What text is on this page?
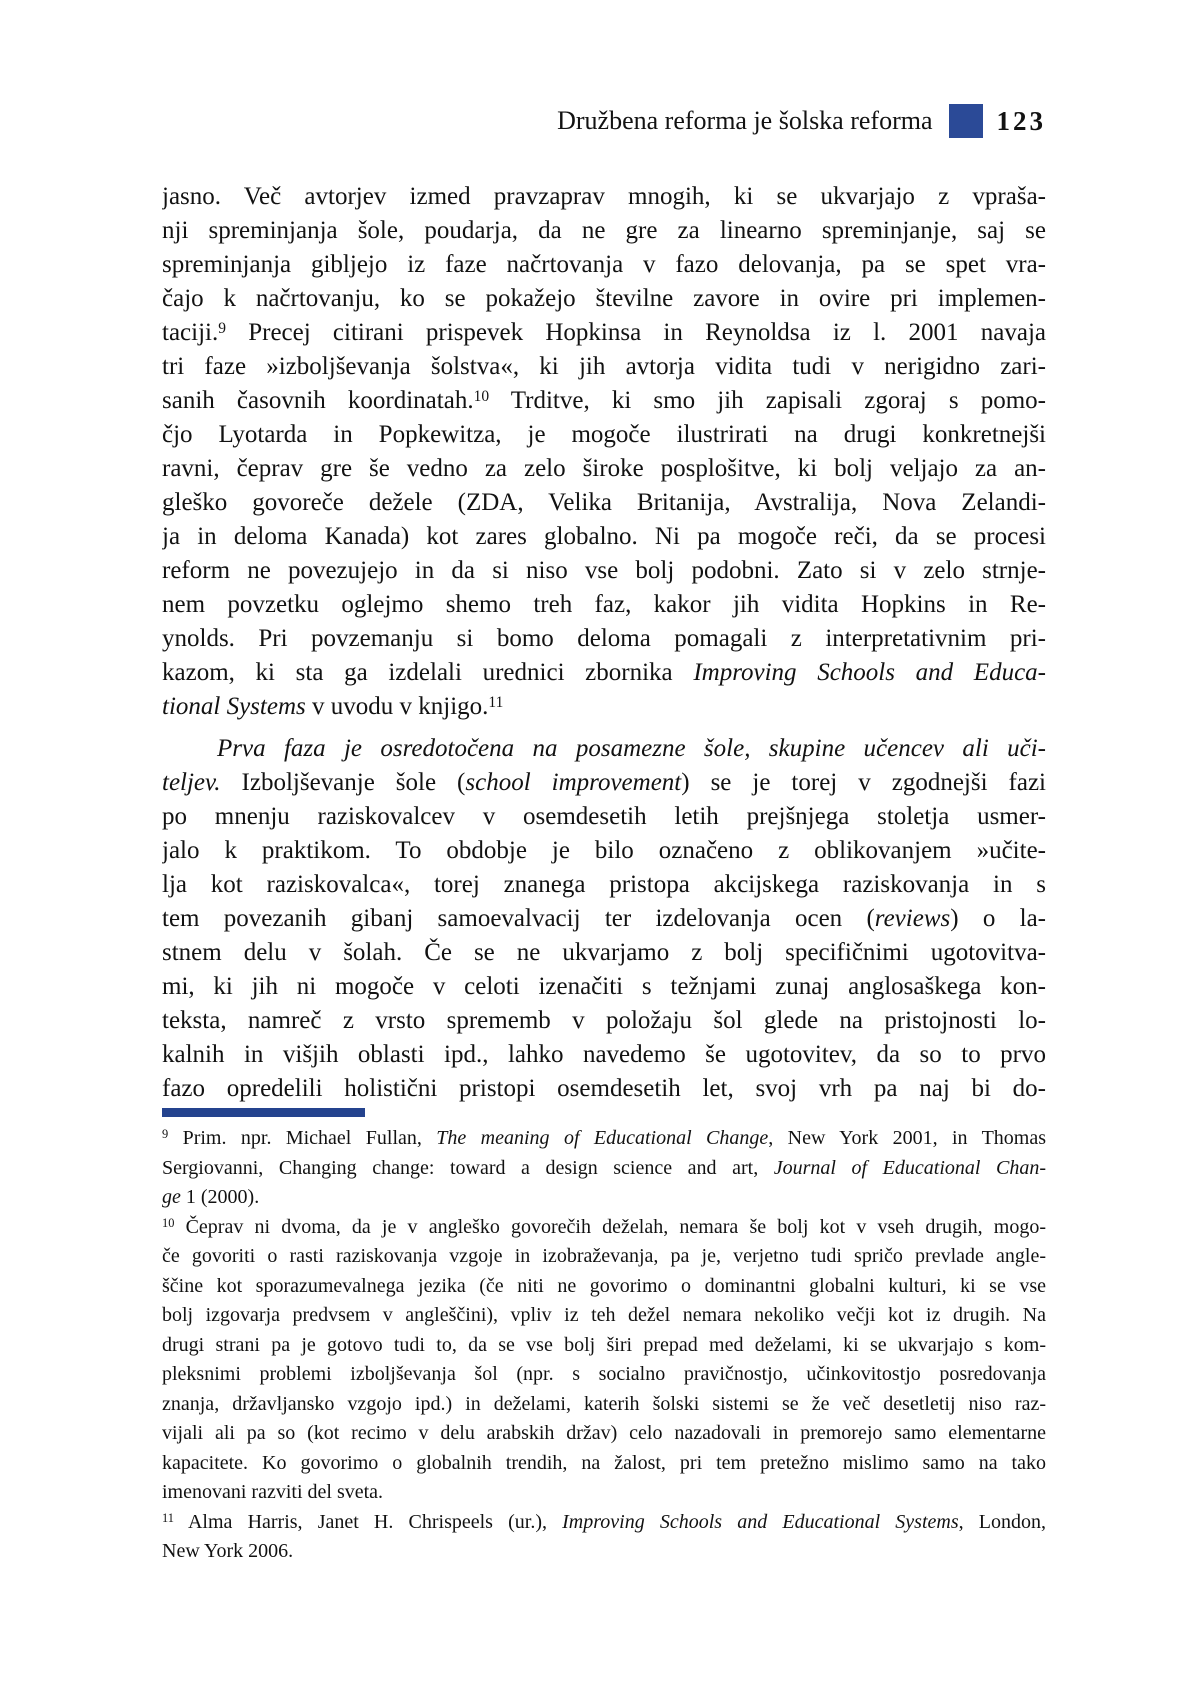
Družbena reforma je šolska reforma 123
jasno. Več avtorjev izmed pravzaprav mnogih, ki se ukvarjajo z vpraša-
nji spreminjanja šole, poudarja, da ne gre za linearno spreminjanje, saj se
spreminjanja gibljejo iz faze načrtovanja v fazo delovanja, pa se spet vra-
čajo k načrtovanju, ko se pokažejo številne zavore in ovire pri implemen-
taciji.$^9$ Precej citirani prispevek Hopkinsa in Reynoldsa iz l. 2001 navaja
tri faze »izboljševanja šolstva«, ki jih avtorja vidita tudi v nerigidno zari-
sanih časovnih koordinatah.$^{10}$ Trditve, ki smo jih zapisali zgoraj s pomo-
čjo Lyotarda in Popkewitza, je mogoče ilustrirati na drugi konkretnejši
ravni, čeprav gre še vedno za zelo široke posplošitve, ki bolj veljajo za an-
gleško govoreče dežele (ZDA, Velika Britanija, Avstralija, Nova Zelandi-
ja in deloma Kanada) kot zares globalno. Ni pa mogoče reči, da se procesi
reform ne povezujejo in da si niso vse bolj podobni. Zato si v zelo strnje-
nem povzetku oglejmo shemo treh faz, kakor jih vidita Hopkins in Re-
ynolds. Pri povzemanju si bomo deloma pomagali z interpretativnim pri-
kazom, ki sta ga izdelali urednici zbornika Improving Schools and Educa-
tional Systems v uvodu v knjigo.$^{11}$
Prva faza je osredotočena na posamezne šole, skupine učencev ali uči-
teljev. Izboljševanje šole (school improvement) se je torej v zgodnejši fazi
po mnenju raziskovalcev v osemdesetih letih prejšnjega stoletja usmer-
jalo k praktikom. To obdobje je bilo označeno z oblikovanjem »učite-
lja kot raziskovalca«, torej znanega pristopa akcijskega raziskovanja in s
tem povezanih gibanj samoevalvacij ter izdelovanja ocen (reviews) o la-
stnem delu v šolah. Če se ne ukvarjamo z bolj specifičnimi ugotovitva-
mi, ki jih ni mogoče v celoti izenačiti s težnjami zunaj anglosaškega kon-
teksta, namreč z vrsto sprememb v položaju šol glede na pristojnosti lo-
kalnih in višjih oblasti ipd., lahko navedemo še ugotovitev, da so to prvo
fazo opredelili holistični pristopi osemdesetih let, svoj vrh pa naj bi do-
$^9$ Prim. npr. Michael Fullan, The meaning of Educational Change, New York 2001, in Thomas
Sergiovanni, Changing change: toward a design science and art, Journal of Educational Chan-
ge 1 (2000).
$^{10}$ Čeprav ni dvoma, da je v angleško govorečih deželah, nemara še bolj kot v vseh drugih, mogo-
če govoriti o rasti raziskovanja vzgoje in izobraževanja, pa je, verjetno tudi spričo prevlade angle-
ščine kot sporazumevalnega jezika (če niti ne govorimo o dominantni globalni kulturi, ki se vse
bolj izgovarja predvsem v angleščini), vpliv iz teh dežel nemara nekoliko večji kot iz drugih. Na
drugi strani pa je gotovo tudi to, da se vse bolj širi prepad med deželami, ki se ukvarjajo s kom-
pleksnimi problemi izboljševanja šol (npr. s socialno pravičnostjo, učinkovitostjo posredovanja
znanja, državljansko vzgojo ipd.) in deželami, katerih šolski sistemi se že več desetletij niso raz-
vijali ali pa so (kot recimo v delu arabskih držav) celo nazadovali in premorejo samo elementarne
kapacitete. Ko govorimo o globalnih trendih, na žalost, pri tem pretežno mislimo samo na tako
imenovani razviti del sveta.
$^{11}$ Alma Harris, Janet H. Chrispeels (ur.), Improving Schools and Educational Systems, London,
New York 2006.
